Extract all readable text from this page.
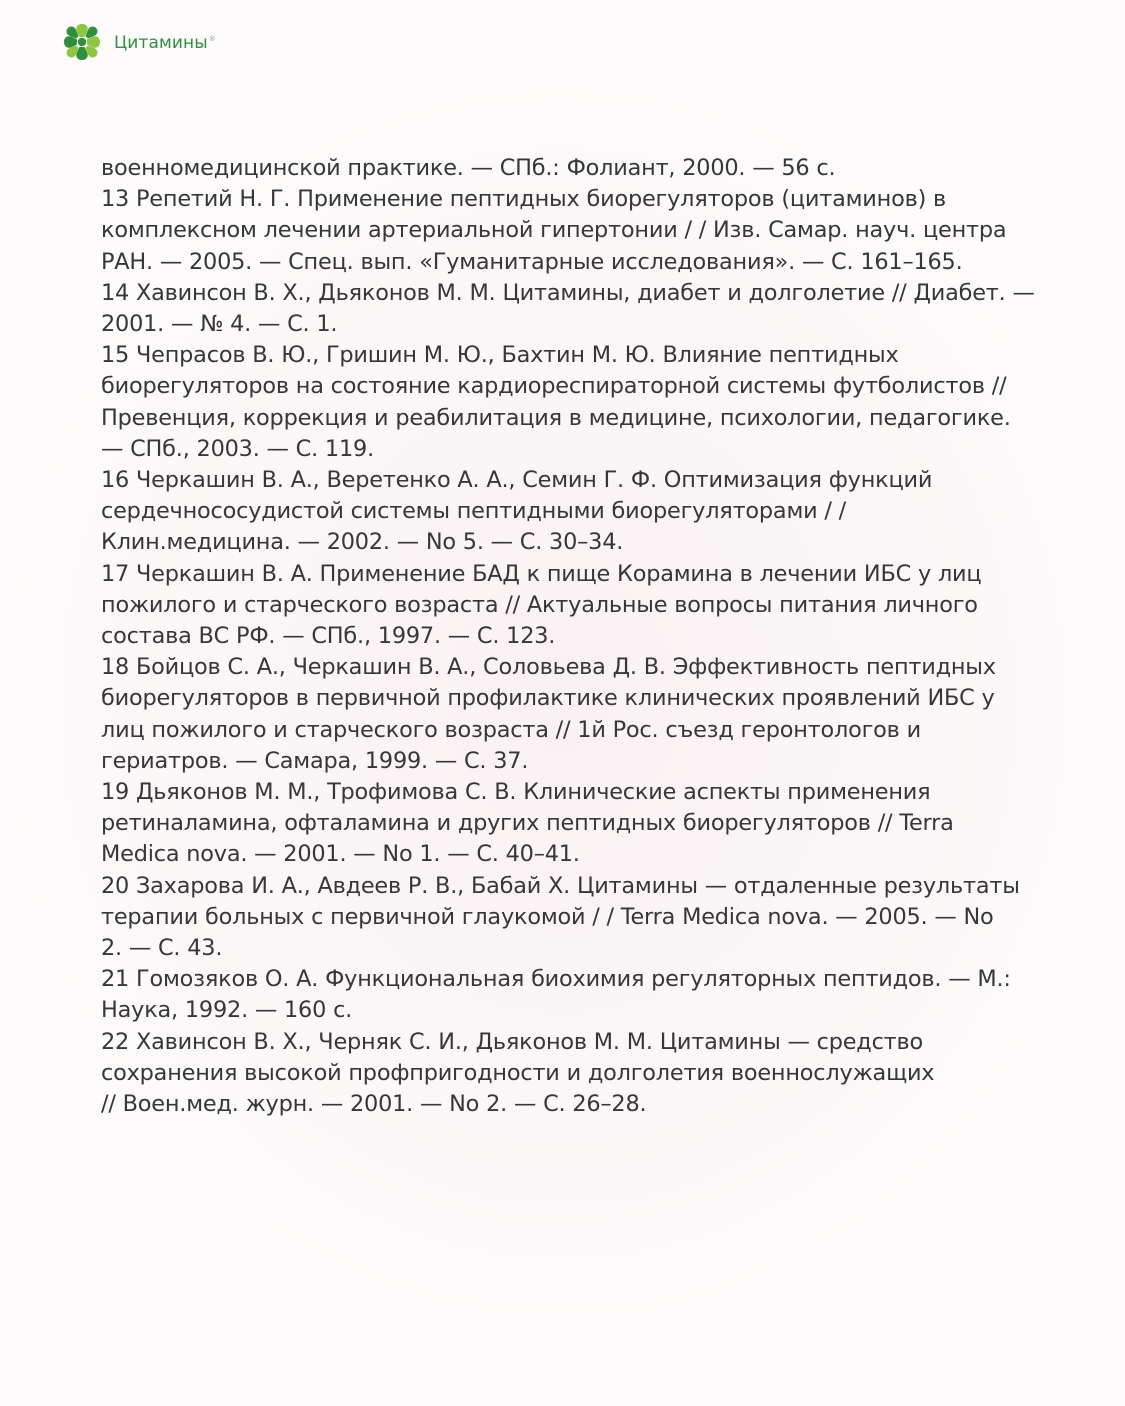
Цитамины®
военномедицинской практике. — СПб.: Фолиант, 2000. — 56 с.
13 Репетий Н. Г. Применение пептидных биорегуляторов (цитаминов) в
комплексном лечении артериальной гипертонии / / Изв. Самар. науч. центра
РАН. — 2005. — Спец. вып. «Гуманитарные исследования». — С. 161–165.
14 Хавинсон В. Х., Дьяконов М. М. Цитамины, диабет и долголетие // Диабет. —
2001. — № 4. — С. 1.
15 Чепрасов В. Ю., Гришин М. Ю., Бахтин М. Ю. Влияние пептидных
биорегуляторов на состояние кардиореспираторной системы футболистов //
Превенция, коррекция и реабилитация в медицине, психологии, педагогике.
— СПб., 2003. — С. 119.
16 Черкашин В. А., Веретенко А. А., Семин Г. Ф. Оптимизация функций
сердечнососудистой системы пептидными биорегуляторами / /
Клин.медицина. — 2002. — No 5. — С. 30–34.
17 Черкашин В. А. Применение БАД к пище Корамина в лечении ИБС у лиц
пожилого и старческого возраста // Актуальные вопросы питания личного
состава ВС РФ. — СПб., 1997. — С. 123.
18 Бойцов С. А., Черкашин В. А., Соловьева Д. В. Эффективность пептидных
биорегуляторов в первичной профилактике клинических проявлений ИБС у
лиц пожилого и старческого возраста // 1й Рос. съезд геронтологов и
гериатров. — Самара, 1999. — С. 37.
19 Дьяконов М. М., Трофимова С. В. Клинические аспекты применения
ретиналамина, офталамина и других пептидных биорегуляторов // Terra
Medica nova. — 2001. — No 1. — С. 40–41.
20 Захарова И. А., Авдеев Р. В., Бабай Х. Цитамины — отдаленные результаты
терапии больных с первичной глаукомой / / Terra Medica nova. — 2005. — No
2. — С. 43.
21 Гомозяков О. А. Функциональная биохимия регуляторных пептидов. — М.:
Наука, 1992. — 160 с.
22 Хавинсон В. Х., Черняк С. И., Дьяконов М. М. Цитамины — средство
сохранения высокой профпригодности и долголетия военнослужащих
// Воен.мед. журн. — 2001. — No 2. — С. 26–28.
